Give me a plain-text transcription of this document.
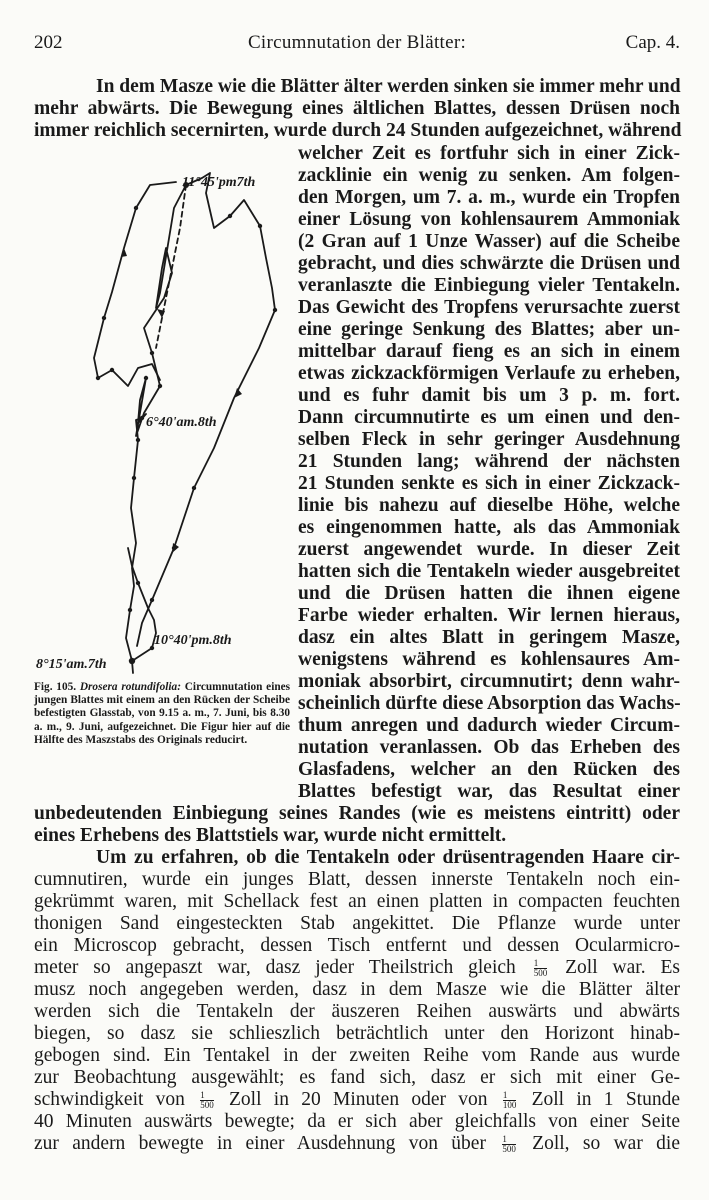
202	Circumnutation der Blätter:	Cap. 4.
In dem Masze wie die Blätter älter werden sinken sie immer mehr und
mehr abwärts. Die Bewegung eines ältlichen Blattes, dessen Drüsen noch
immer reichlich secernirten, wurde durch 24 Stunden aufgezeichnet, während
welcher Zeit es fortfuhr sich in einer Zick-
zacklinie ein wenig zu senken. Am folgen-
den Morgen, um 7. a. m., wurde ein Tropfen
einer Lösung von kohlensaurem Ammoniak
(2 Gran auf 1 Unze Wasser) auf die Scheibe
gebracht, und dies schwärzte die Drüsen und
veranlaszte die Einbiegung vieler Tentakeln.
Das Gewicht des Tropfens verursachte zuerst
eine geringe Senkung des Blattes; aber un-
mittelbar darauf fieng es an sich in einem
etwas zickzackförmigen Verlaufe zu erheben,
und es fuhr damit bis um 3 p. m. fort.
Dann circumnutirte es um einen und den-
selben Fleck in sehr geringer Ausdehnung
21 Stunden lang; während der nächsten
21 Stunden senkte es sich in einer Zickzack-
linie bis nahezu auf dieselbe Höhe, welche
es eingenommen hatte, als das Ammoniak
zuerst angewendet wurde. In dieser Zeit
hatten sich die Tentakeln wieder ausgebreitet
und die Drüsen hatten die ihnen eigene
Farbe wieder erhalten. Wir lernen hieraus,
dasz ein altes Blatt in geringem Masze,
wenigstens während es kohlensaures Am-
moniak absorbirt, circumnutirt; denn wahr-
scheinlich dürfte diese Absorption das Wachs-
thum anregen und dadurch wieder Circum-
nutation veranlassen. Ob das Erheben des
Glasfadens, welcher an den Rücken des
Blattes befestigt war, das Resultat einer
11°45'pm7th
6°40'am.8th
10°40'pm.8th
8°15'am.7th
Fig. 105. Drosera rotundifolia: Circumnutation eines jungen Blattes mit einem an den Rücken der Scheibe befestigten Glasstab, von 9.15 a. m., 7. Juni, bis 8.30 a. m., 9. Juni, aufgezeichnet. Die Figur hier auf die Hälfte des Maszstabs des Originals reducirt.
unbedeutenden Einbiegung seines Randes (wie es meistens eintritt) oder
eines Erhebens des Blattstiels war, wurde nicht ermittelt.
Um zu erfahren, ob die Tentakeln oder drüsentragenden Haare cir-
cumnutiren, wurde ein junges Blatt, dessen innerste Tentakeln noch ein-
gekrümmt waren, mit Schellack fest an einen platten in compacten feuchten
thonigen Sand eingesteckten Stab angekittet. Die Pflanze wurde unter
ein Microscop gebracht, dessen Tisch entfernt und dessen Ocularmicro-
meter so angepaszt war, dasz jeder Theilstrich gleich $\frac{1}{500}$ Zoll war. Es
musz noch angegeben werden, dasz in dem Masze wie die Blätter älter
werden sich die Tentakeln der äuszeren Reihen auswärts und abwärts
biegen, so dasz sie schlieszlich beträchtlich unter den Horizont hinab-
gebogen sind. Ein Tentakel in der zweiten Reihe vom Rande aus wurde
zur Beobachtung ausgewählt; es fand sich, dasz er sich mit einer Ge-
schwindigkeit von $\frac{1}{500}$ Zoll in 20 Minuten oder von $\frac{1}{100}$ Zoll in 1 Stunde
40 Minuten auswärts bewegte; da er sich aber gleichfalls von einer Seite
zur andern bewegte in einer Ausdehnung von über $\frac{1}{500}$ Zoll, so war die
